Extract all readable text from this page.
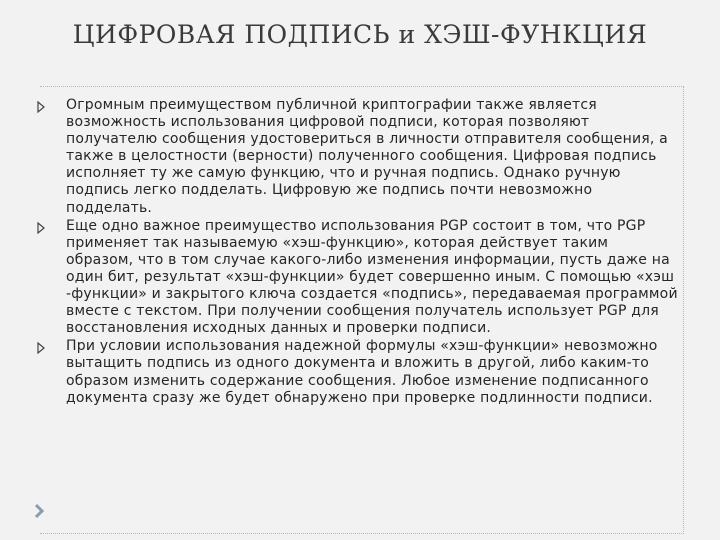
ЦИФРОВАЯ ПОДПИСЬ и ХЭШ-ФУНКЦИЯ
Огромным преимуществом публичной криптографии также является возможность использования цифровой подписи, которая позволяют получателю сообщения удостовериться в личности отправителя сообщения, а также в целостности (верности) полученного сообщения. Цифровая подпись исполняет ту же самую функцию, что и ручная подпись. Однако ручную подпись легко подделать. Цифровую же подпись почти невозможно подделать.
Еще одно важное преимущество использования PGP состоит в том, что PGP применяет так называемую «хэш-функцию», которая действует таким образом, что в том случае какого-либо изменения информации, пусть даже на один бит, результат «хэш-функции» будет совершенно иным. С помощью «хэш -функции» и закрытого ключа создается «подпись», передаваемая программой вместе с текстом. При получении сообщения получатель использует PGP для восстановления исходных данных и проверки подписи.
При условии использования надежной формулы «хэш-функции» невозможно вытащить подпись из одного документа и вложить в другой, либо каким-то образом изменить содержание сообщения. Любое изменение подписанного документа сразу же будет обнаружено при проверке подлинности подписи.
